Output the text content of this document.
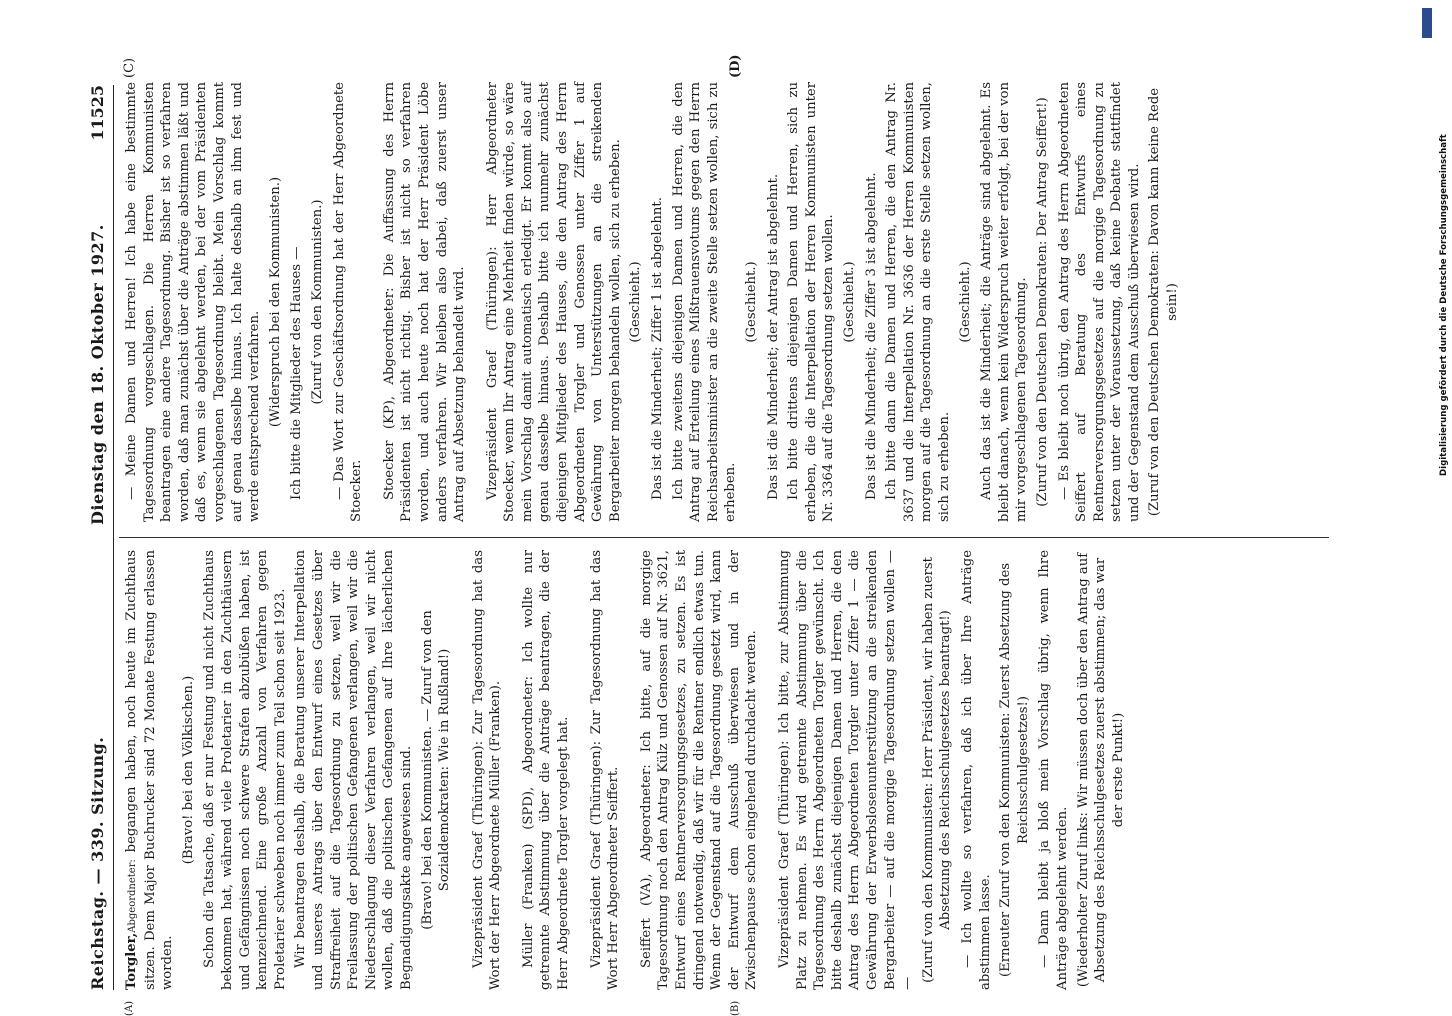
Reichstag. — 339. Sitzung.
Dienstag den 18. Oktober 1927.
11525
(A)	(B)
(C)	(D)

Torgler,Abgeordneter: begangen haben, noch heute im Zuchthaus sitzen. Dem Major Buchrucker sind 72 Monate Festung erlassen worden.

(Bravo! bei den Völkischen.) Schon die Tatsache, daß er nur Festung und nicht Zuchthaus bekommen hat, während viele Proletarier in den Zuchthäusern und Gefängnissen noch schwere Strafen abzubüßen haben, ist kennzeichnend. Eine große Anzahl von Verfahren gegen Proletarier schweben noch immer zum Teil schon seit 1923. Wir beantragen deshalb, die Beratung unserer Interpellation und unseres Antrags über den Entwurf eines Gesetzes über Straffreiheit auf die Tagesordnung zu setzen, weil wir die Freilassung der politischen Gefangenen verlangen, weil wir die Niederschlagung dieser Verfahren verlangen, weil wir nicht wollen, daß die politischen Gefangenen auf Ihre lächerlichen Begnadigungsakte angewiesen sind. (Bravo! bei den Kommunisten. — Zuruf von den Sozialdemokraten: Wie in Rußland!) Vizepräsident Graef (Thüringen): Zur Tagesordnung hat das Wort der Herr Abgeordnete Müller (Franken). Müller (Franken) (SPD), Abgeordneter: Ich wollte nur getrennte Abstimmung über die Anträge beantragen, die der Herr Abgeordnete Torgler vorgelegt hat. Vizepräsident Graef (Thüringen): Zur Tagesordnung hat das Wort Herr Abgeordneter Seiffert. Seiffert (VA), Abgeordneter: Ich bitte, auf die morgige Tagesordnung noch den Antrag Külz und Genossen auf Nr. 3621, Entwurf eines Rentnerversorgungsgesetzes, zu setzen. Es ist dringend notwendig, daß wir für die Rentner endlich etwas tun. Wenn der Gegenstand auf die Tagesordnung gesetzt wird, kann der Entwurf dem Ausschuß überwiesen und in der Zwischenpause schon eingehend durchdacht werden. Vizepräsident Graef (Thüringen): Ich bitte, zur Abstimmung Platz zu nehmen. Es wird getrennte Abstimmung über die Tagesordnung des Herrn Abgeordneten Torgler gewünscht. Ich bitte deshalb zunächst diejenigen Damen und Herren, die den Antrag des Herrn Abgeordneten Torgler unter Ziffer 1 — die Gewährung der Erwerbslosenunterstützung an die streikenden Bergarbeiter — auf die morgige Tagesordnung setzen wollen — —

(Zuruf von den Kommunisten: Herr Präsident, wir haben zuerst Absetzung des Reichsschulgesetzes beantragt!) — Ich wollte so verfahren, daß ich über Ihre Anträge abstimmen lasse. (Erneuter Zuruf von den Kommunisten: Zuerst Absetzung des Reichsschulgesetzes!) — Dann bleibt ja bloß mein Vorschlag übrig, wenn Ihre Anträge abgelehnt werden. (Wiederholter Zuruf links: Wir müssen doch über den Antrag auf Absetzung des Reichsschulgesetzes zuerst abstimmen; das war der erste Punkt!)

— Meine Damen und Herren! Ich habe eine bestimmte Tagesordnung vorgeschlagen. Die Herren Kommunisten beantragen eine andere Tagesordnung. Bisher ist so verfahren worden, daß man zunächst über die Anträge abstimmen läßt und daß es, wenn sie abgelehnt werden, bei der vom Präsidenten vorgeschlagenen Tagesordnung bleibt. Mein Vorschlag kommt auf genau dasselbe hinaus. Ich halte deshalb an ihm fest und werde entsprechend verfahren. (Widerspruch bei den Kommunisten.) Ich bitte die Mitglieder des Hauses — (Zuruf von den Kommunisten.) — Das Wort zur Geschäftsordnung hat der Herr Abgeordnete Stoecker. Stoecker (KP), Abgeordneter: Die Auffassung des Herrn Präsidenten ist nicht richtig. Bisher ist nicht so verfahren worden, und auch heute noch hat der Herr Präsident Löbe anders verfahren. Wir bleiben also dabei, daß zuerst unser Antrag auf Absetzung behandelt wird. Vizepräsident Graef (Thüringen): Herr Abgeordneter Stoecker, wenn Ihr Antrag eine Mehrheit finden würde, so wäre mein Vorschlag damit automatisch erledigt. Er kommt also auf genau dasselbe hinaus. Deshalb bitte ich nunmehr zunächst diejenigen Mitglieder des Hauses, die den Antrag des Herrn Abgeordneten Torgler und Genossen unter Ziffer 1 auf Gewährung von Unterstützungen an die streikenden Bergarbeiter morgen behandeln wollen, sich zu erheben. (Geschieht.) Das ist die Minderheit; Ziffer 1 ist abgelehnt. Ich bitte zweitens diejenigen Damen und Herren, die den Antrag auf Erteilung eines Mißtrauensvotums gegen den Herrn Reichsarbeitsminister an die zweite Stelle setzen wollen, sich zu erheben.

(Geschieht.) Das ist die Minderheit; der Antrag ist abgelehnt. Ich bitte drittens diejenigen Damen und Herren, sich zu erheben, die die Interpellation der Herren Kommunisten unter Nr. 3364 auf die Tagesordnung setzen wollen. (Geschieht.) Das ist die Minderheit; die Ziffer 3 ist abgelehnt. Ich bitte dann die Damen und Herren, die den Antrag Nr. 3637 und die Interpellation Nr. 3636 der Herren Kommunisten morgen auf die Tagesordnung an die erste Stelle setzen wollen, sich zu erheben.

(Geschieht.) Auch das ist die Minderheit; die Anträge sind abgelehnt. Es bleibt danach, wenn kein Widerspruch weiter erfolgt, bei der von mir vorgeschlagenen Tagesordnung. (Zuruf von den Deutschen Demokraten: Der Antrag Seiffert!) — Es bleibt noch übrig, den Antrag des Herrn Abgeordneten Seiffert auf Beratung des Entwurfs eines Rentnerversorgungsgesetzes auf die morgige Tagesordnung zu setzen unter der Voraussetzung, daß keine Debatte stattfindet und der Gegenstand dem Ausschuß überwiesen wird. (Zuruf von den Deutschen Demokraten: Davon kann keine Rede sein!)

DFG
Digitalisierung gefördert durch die Deutsche Forschungsgemeinschaft
